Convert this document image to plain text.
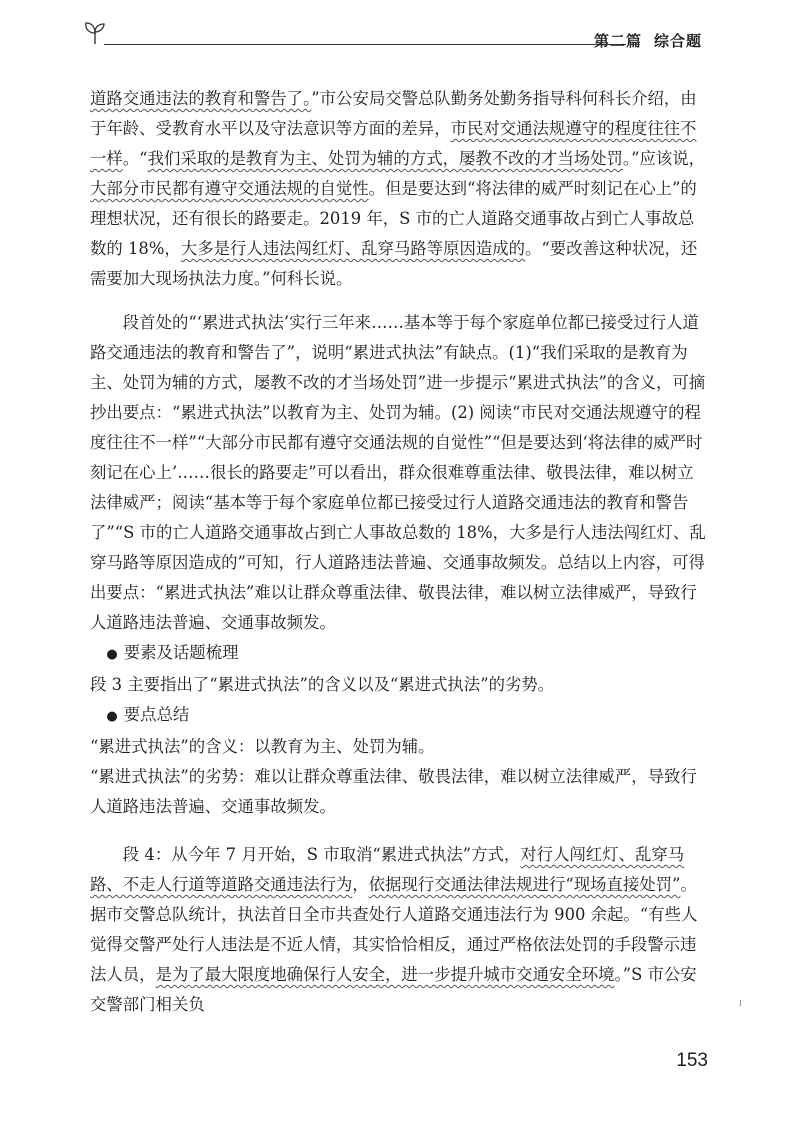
第二篇 综合题

道路交通违法的教育和警告了。”市公安局交警总队勤务处勤务指导科何科长介绍，由于年龄、受教育水平以及守法意识等方面的差异，市民对交通法规遵守的程度往往不一样。“我们采取的是教育为主、处罚为辅的方式，屡教不改的才当场处罚。”应该说，大部分市民都有遵守交通法规的自觉性。但是要达到“将法律的威严时刻记在心上”的理想状况，还有很长的路要走。2019 年，S 市的亡人道路交通事故占到亡人事故总数的 18%，大多是行人违法闯红灯、乱穿马路等原因造成的。“要改善这种状况，还需要加大现场执法力度。”何科长说。

段首处的“‘累进式执法’实行三年来……基本等于每个家庭单位都已接受过行人道路交通违法的教育和警告了”，说明“累进式执法”有缺点。(1)“我们采取的是教育为主、处罚为辅的方式，屡教不改的才当场处罚”进一步提示“累进式执法”的含义，可摘抄出要点：“累进式执法”以教育为主、处罚为辅。(2) 阅读“市民对交通法规遵守的程度往往不一样”“大部分市民都有遵守交通法规的自觉性”“但是要达到‘将法律的威严时刻记在心上’……很长的路要走”可以看出，群众很难尊重法律、敬畏法律，难以树立法律威严；阅读“基本等于每个家庭单位都已接受过行人道路交通违法的教育和警告了”“S 市的亡人道路交通事故占到亡人事故总数的 18%，大多是行人违法闯红灯、乱穿马路等原因造成的”可知，行人道路违法普遍、交通事故频发。总结以上内容，可得出要点：“累进式执法”难以让群众尊重法律、敬畏法律，难以树立法律威严，导致行人道路违法普遍、交通事故频发。

● 要素及话题梳理

段 3 主要指出了“累进式执法”的含义以及“累进式执法”的劣势。

● 要点总结

“累进式执法”的含义：以教育为主、处罚为辅。

“累进式执法”的劣势：难以让群众尊重法律、敬畏法律，难以树立法律威严，导致行人道路违法普遍、交通事故频发。

段 4：从今年 7 月开始，S 市取消“累进式执法”方式，对行人闯红灯、乱穿马路、不走人行道等道路交通违法行为，依据现行交通法律法规进行“现场直接处罚”。据市交警总队统计，执法首日全市共查处行人道路交通违法行为 900 余起。“有些人觉得交警严处行人违法是不近人情，其实恰恰相反，通过严格依法处罚的手段警示违法人员，是为了最大限度地确保行人安全，进一步提升城市交通安全环境。”S 市公安交警部门相关负

153
